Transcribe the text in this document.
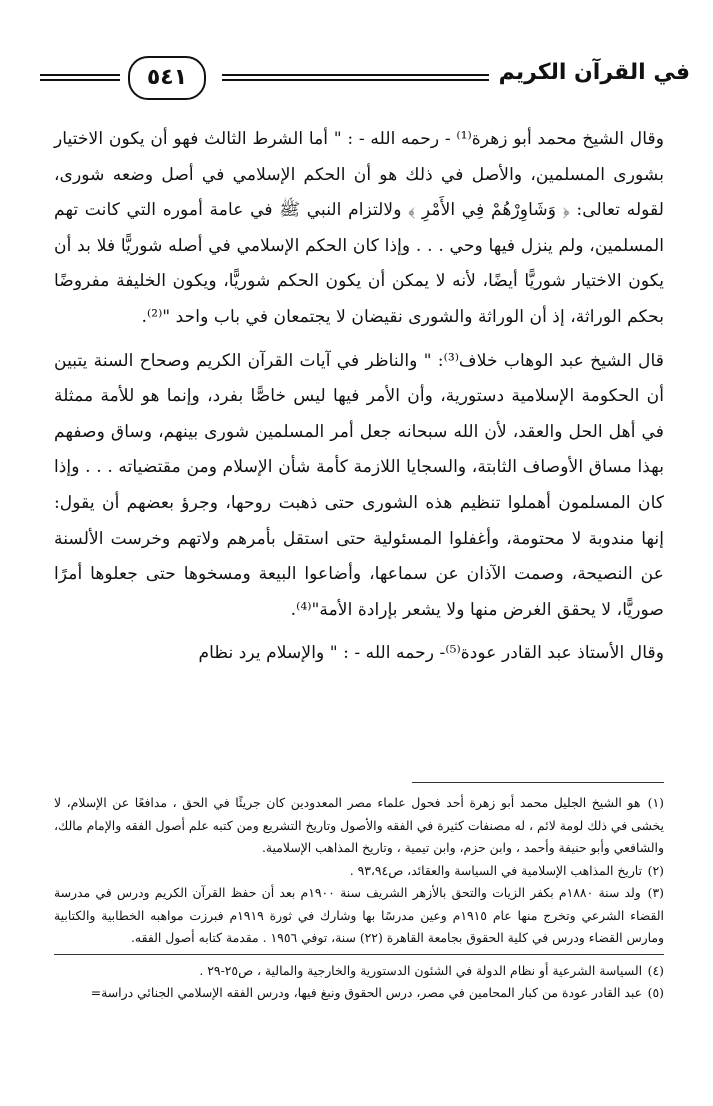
في القرآن الكريم
٥٤١

وقال الشيخ محمد أبو زهرة⁽¹⁾ - رحمه الله - : " أما الشرط الثالث فهو أن يكون الاختيار بشورى المسلمين، والأصل في ذلك هو أن الحكم الإسلامي في أصل وضعه شورى، لقوله تعالى: ﴿ وَشَاوِرْهُمْ فِي الأَمْرِ ﴾ ولالتزام النبي ﷺ في عامة أموره التي كانت تهم المسلمين، ولم ينزل فيها وحي . . . وإذا كان الحكم الإسلامي في أصله شوريًّا فلا بد أن يكون الاختيار شوريًّا أيضًا، لأنه لا يمكن أن يكون الحكم شوريًّا، ويكون الخليفة مفروضًا بحكم الوراثة، إذ أن الوراثة والشورى نقيضان لا يجتمعان في باب واحد "⁽²⁾.

قال الشيخ عبد الوهاب خلاف⁽³⁾: " والناظر في آيات القرآن الكريم وصحاح السنة يتبين أن الحكومة الإسلامية دستورية، وأن الأمر فيها ليس خاصًّا بفرد، وإنما هو للأمة ممثلة في أهل الحل والعقد، لأن الله سبحانه جعل أمر المسلمين شورى بينهم، وساق وصفهم بهذا مساق الأوصاف الثابتة، والسجايا اللازمة كأمة شأن الإسلام ومن مقتضياته . . . وإذا كان المسلمون أهملوا تنظيم هذه الشورى حتى ذهبت روحها، وجرؤ بعضهم أن يقول: إنها مندوبة لا محتومة، وأغفلوا المسئولية حتى استقل بأمرهم ولاتهم وخرست الألسنة عن النصيحة، وصمت الآذان عن سماعها، وأضاعوا البيعة ومسخوها حتى جعلوها أمرًا صوريًّا، لا يحقق الغرض منها ولا يشعر بإرادة الأمة"⁽⁴⁾.

وقال الأستاذ عبد القادر عودة⁽⁵⁾- رحمه الله - : " والإسلام يرد نظام

(١) هو الشيخ الجليل محمد أبو زهرة أحد فحول علماء مصر المعدودين كان جريئًا في الحق ، مدافعًا عن الإسلام، لا يخشى في ذلك لومة لائم ، له مصنفات كثيرة في الفقه والأصول وتاريخ التشريع ومن كتبه علم أصول الفقه والإمام مالك، والشافعي وأبو حنيفة وأحمد ، وابن حزم، وابن تيمية ، وتاريخ المذاهب الإسلامية.

(٢) تاريخ المذاهب الإسلامية في السياسة والعقائد، ص٩٣،٩٤ .

(٣) ولد سنة ١٨٨٠م بكفر الزيات والتحق بالأزهر الشريف سنة ١٩٠٠م بعد أن حفظ القرآن الكريم ودرس في مدرسة القضاء الشرعي وتخرج منها عام ١٩١٥م وعين مدرسًا بها وشارك في ثورة ١٩١٩م فبرزت مواهبه الخطابية والكتابية ومارس القضاء ودرس في كلية الحقوق بجامعة القاهرة (٢٢) سنة، توفي ١٩٥٦ . مقدمة كتابه أصول الفقه.

(٤) السياسة الشرعية أو نظام الدولة في الشئون الدستورية والخارجية والمالية ، ص٢٥-٢٩ .

(٥) عبد القادر عودة من كبار المحامين في مصر، درس الحقوق ونبغ فيها، ودرس الفقه الإسلامي الجنائي دراسة=
